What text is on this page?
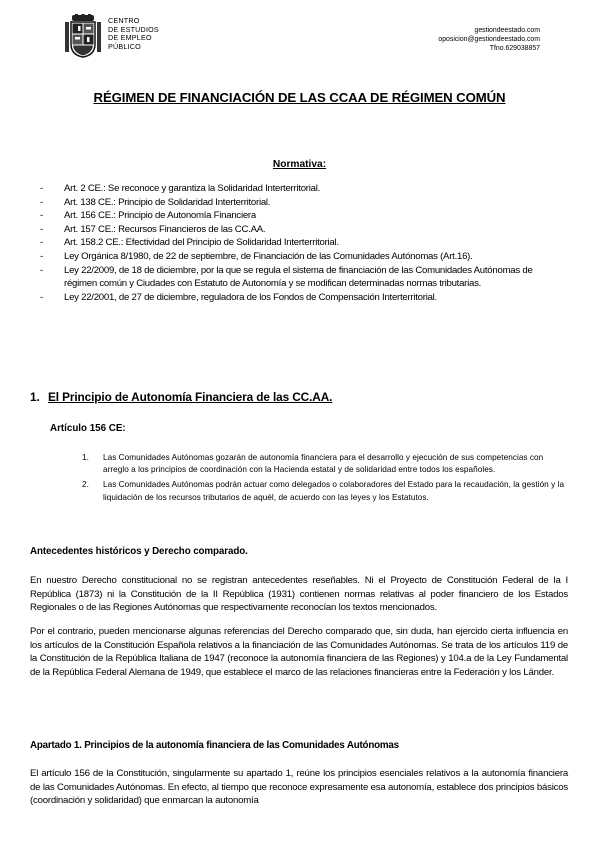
CENTRO
DE ESTUDIOS
DE EMPLEO
PÚBLICO
gestiondeestado.com
oposicion@gestiondeestado.com
Tfno.629038857
RÉGIMEN DE FINANCIACIÓN DE LAS CCAA DE RÉGIMEN COMÚN
Normativa:
- Art. 2 CE.: Se reconoce y garantiza la Solidaridad Interterritorial.
- Art. 138 CE.: Principio de Solidaridad Interterritorial.
- Art. 156 CE.: Principio de Autonomía Financiera
- Art. 157 CE.: Recursos Financieros de las CC.AA.
- Art. 158.2 CE.: Efectividad del Principio de Solidaridad Interterritorial.
- Ley Orgánica 8/1980, de 22 de septiembre, de Financiación de las Comunidades Autónomas (Art.16).
- Ley 22/2009, de 18 de diciembre, por la que se regula el sistema de financiación de las Comunidades Autónomas de régimen común y Ciudades con Estatuto de Autonomía y se modifican determinadas normas tributarias.
- Ley 22/2001, de 27 de diciembre, reguladora de los Fondos de Compensación Interterritorial.
1. El Principio de Autonomía Financiera de las CC.AA.
Artículo 156 CE:
1. Las Comunidades Autónomas gozarán de autonomía financiera para el desarrollo y ejecución de sus competencias con arreglo a los principios de coordinación con la Hacienda estatal y de solidaridad entre todos los españoles.
2. Las Comunidades Autónomas podrán actuar como delegados o colaboradores del Estado para la recaudación, la gestión y la liquidación de los recursos tributarios de aquél, de acuerdo con las leyes y los Estatutos.
Antecedentes históricos y Derecho comparado.

En nuestro Derecho constitucional no se registran antecedentes reseñables. Ni el Proyecto de Constitución Federal de la I República (1873) ni la Constitución de la II República (1931) contienen normas relativas al poder financiero de los Estados Regionales o de las Regiones Autónomas que respectivamente reconocían los textos mencionados.

Por el contrario, pueden mencionarse algunas referencias del Derecho comparado que, sin duda, han ejercido cierta influencia en los artículos de la Constitución Española relativos a la financiación de las Comunidades Autónomas. Se trata de los artículos 119 de la Constitución de la República Italiana de 1947 (reconoce la autonomía financiera de las Regiones) y 104.a de la Ley Fundamental de la República Federal Alemana de 1949, que establece el marco de las relaciones financieras entre la Federación y los Länder.

Apartado 1. Principios de la autonomía financiera de las Comunidades Autónomas

El artículo 156 de la Constitución, singularmente su apartado 1, reúne los principios esenciales relativos a la autonomía financiera de las Comunidades Autónomas. En efecto, al tiempo que reconoce expresamente esa autonomía, establece dos principios básicos (coordinación y solidaridad) que enmarcan la autonomía
